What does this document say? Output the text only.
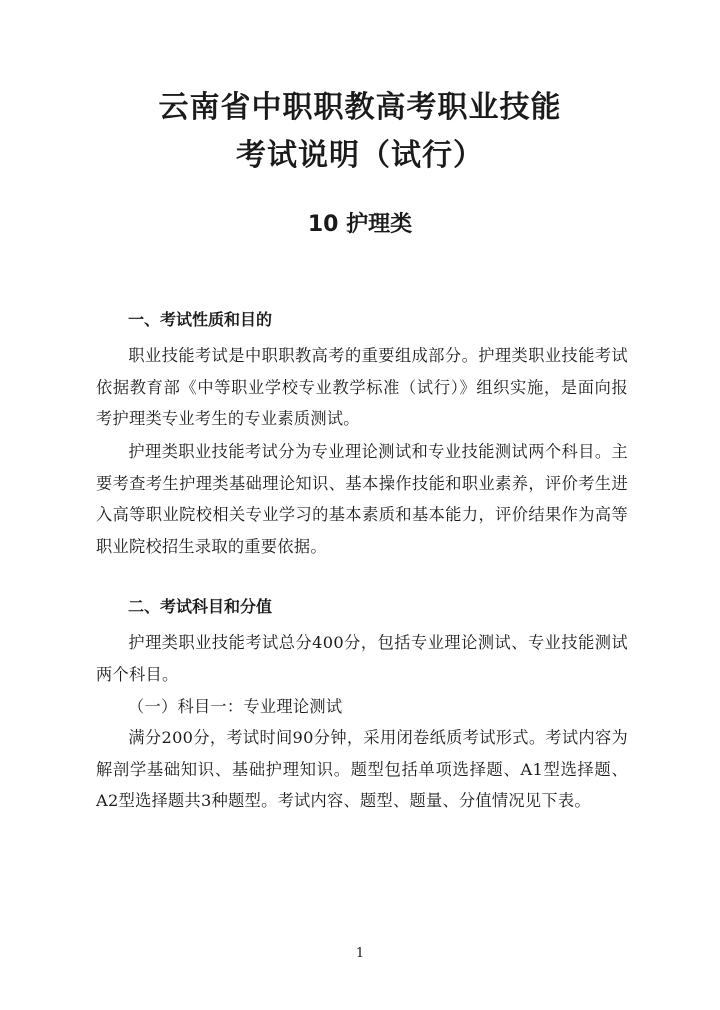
云南省中职职教高考职业技能
考试说明（试行）
10 护理类
一、考试性质和目的

职业技能考试是中职职教高考的重要组成部分。护理类职业技能考试依据教育部《中等职业学校专业教学标准（试行）》组织实施，是面向报考护理类专业考生的专业素质测试。

护理类职业技能考试分为专业理论测试和专业技能测试两个科目。主要考查考生护理类基础理论知识、基本操作技能和职业素养，评价考生进入高等职业院校相关专业学习的基本素质和基本能力，评价结果作为高等职业院校招生录取的重要依据。

二、考试科目和分值

护理类职业技能考试总分400分，包括专业理论测试、专业技能测试两个科目。

（一）科目一：专业理论测试

满分200分，考试时间90分钟，采用闭卷纸质考试形式。考试内容为解剖学基础知识、基础护理知识。题型包括单项选择题、A1型选择题、A2型选择题共3种题型。考试内容、题型、题量、分值情况见下表。

1
